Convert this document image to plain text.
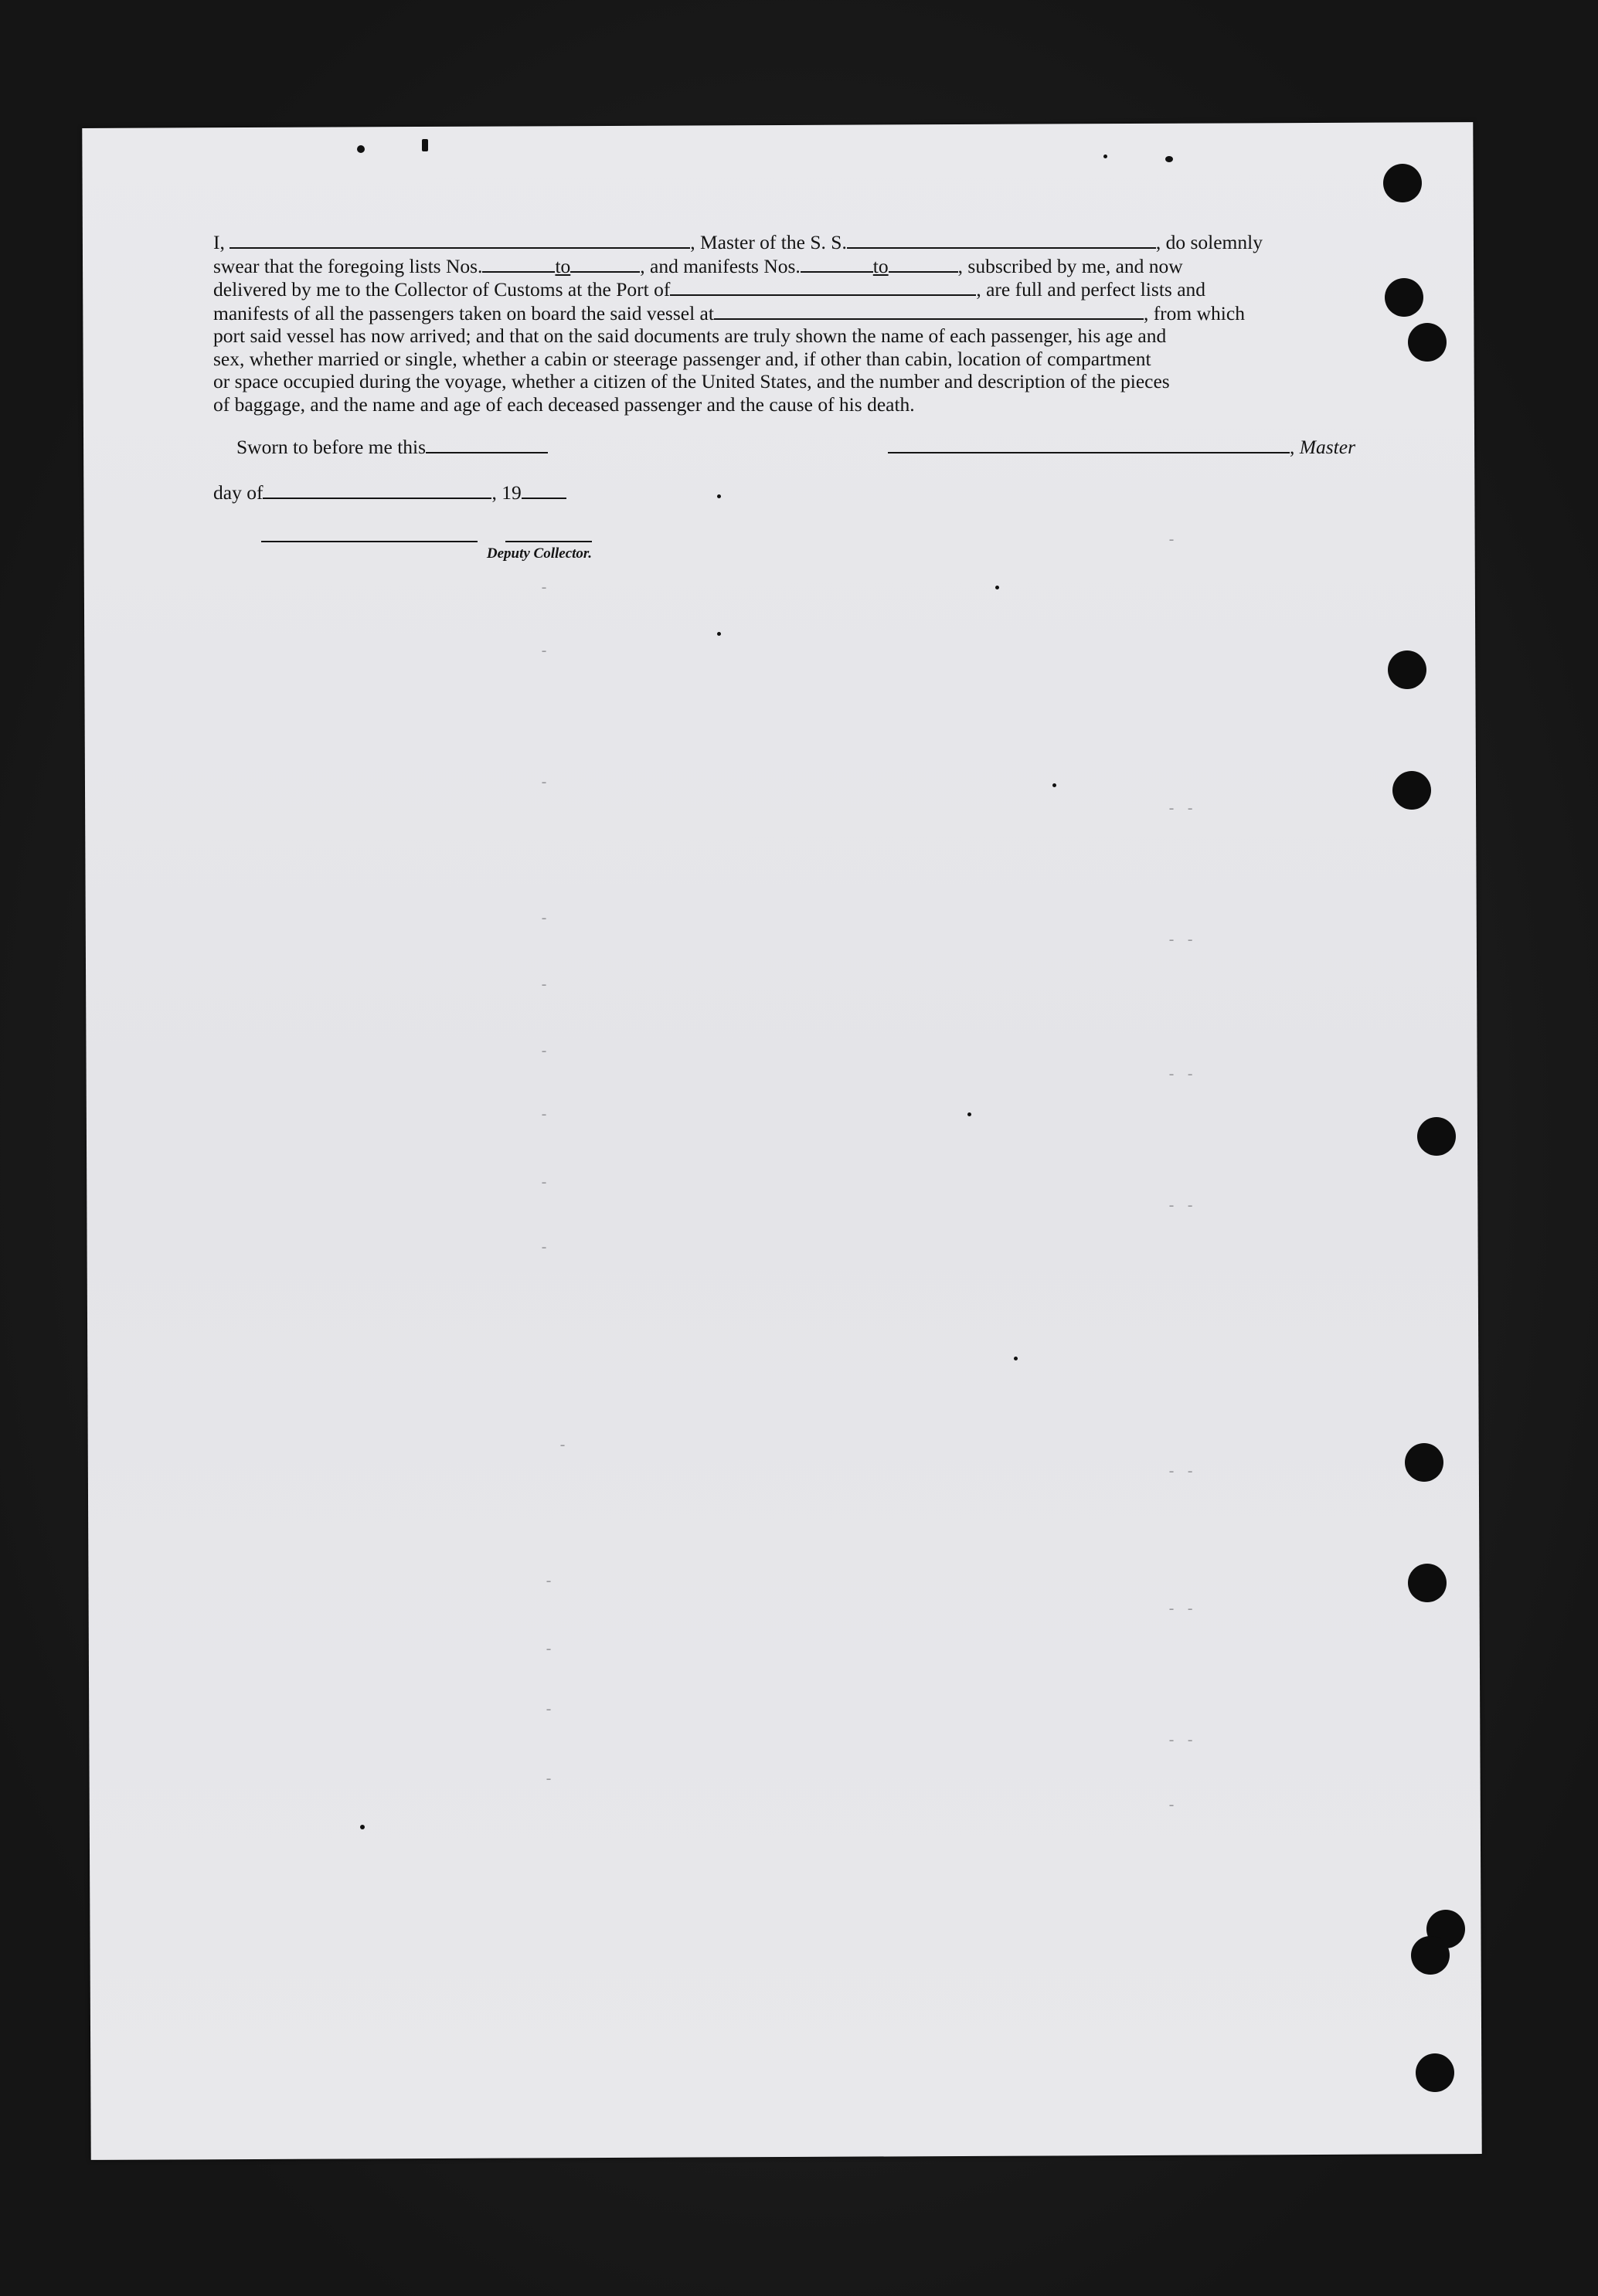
I,	, Master of the S. S.	, do solemnly
swear that the foregoing lists Nos.	to	, and manifests Nos.	to	, subscribed by me, and now
delivered by me to the Collector of Customs at the Port of	, are full and perfect lists and
manifests of all the passengers taken on board the said vessel at	, from which
port said vessel has now arrived; and that on the said documents are truly shown the name of each passenger, his age and
sex, whether married or single, whether a cabin or steerage passenger and, if other than cabin, location of compartment
or space occupied during the voyage, whether a citizen of the United States, and the number and description of the pieces
of baggage, and the name and age of each deceased passenger and the cause of his death.
Sworn to before me this	, Master
day of	, 19
Deputy Collector.
-
-
-
-
-
-
-
-
-
-
-
-
-
-
-
- -
- -
- -
- -
- -
- -
- -
-
